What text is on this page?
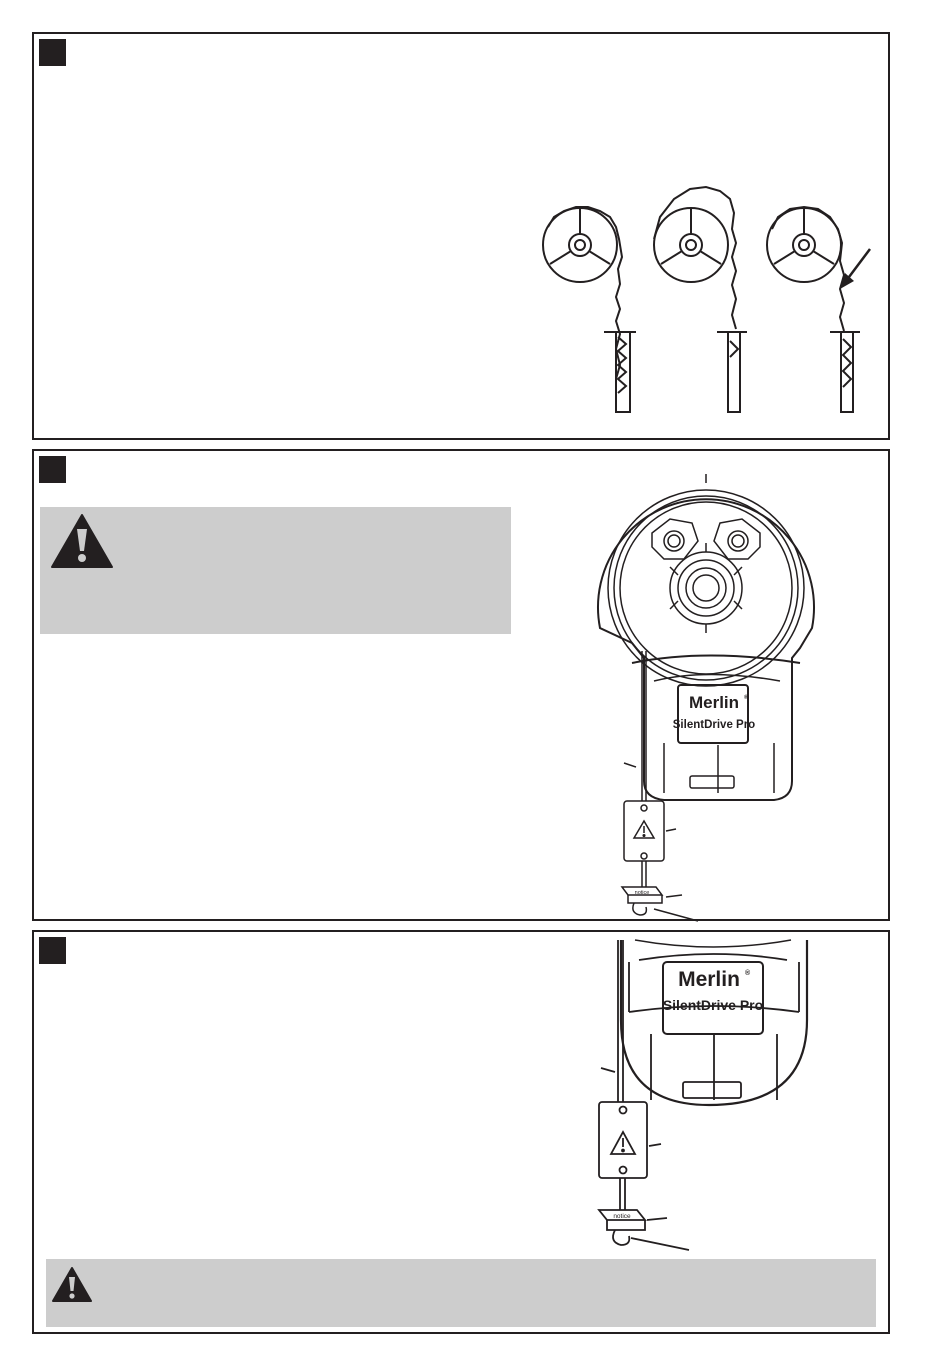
Merlin ®
SilentDrive Pro
notice
Merlin ®
SilentDrive Pro
notice
